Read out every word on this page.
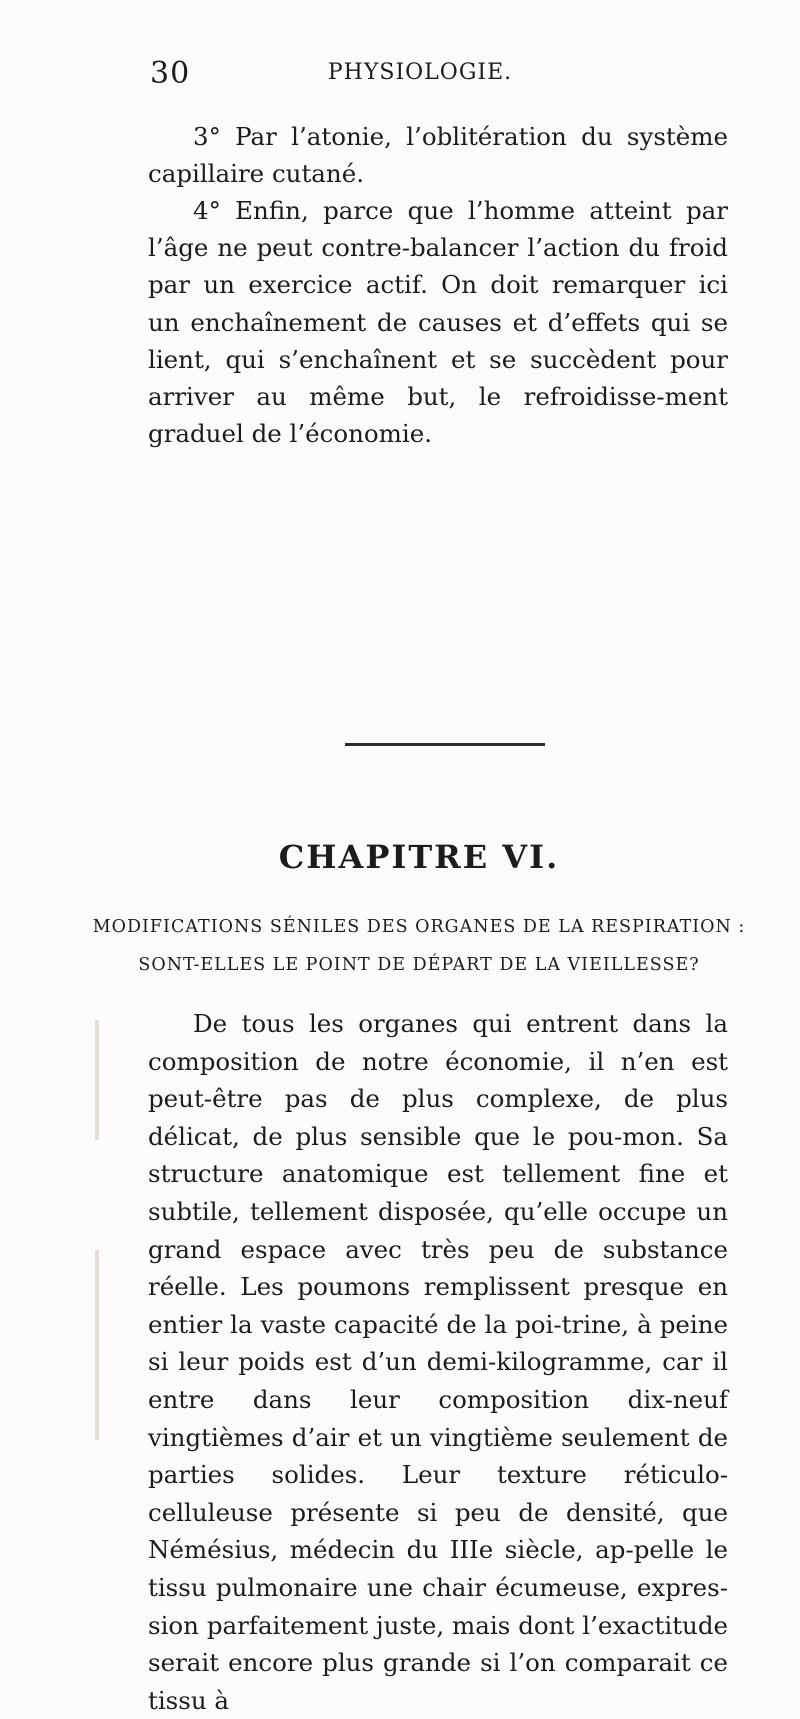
30	PHYSIOLOGIE.

3° Par l’atonie, l’oblitération du système capillaire cutané.

4° Enfin, parce que l’homme atteint par l’âge ne peut contre-balancer l’action du froid par un exercice actif. On doit remarquer ici un enchaînement de causes et d’effets qui se lient, qui s’enchaînent et se succèdent pour arriver au même but, le refroidisse-ment graduel de l’économie.

CHAPITRE VI.

MODIFICATIONS SÉNILES DES ORGANES DE LA RESPIRATION :

SONT-ELLES LE POINT DE DÉPART DE LA VIEILLESSE?

De tous les organes qui entrent dans la composition de notre économie, il n’en est peut-être pas de plus complexe, de plus délicat, de plus sensible que le pou-mon. Sa structure anatomique est tellement fine et subtile, tellement disposée, qu’elle occupe un grand espace avec très peu de substance réelle. Les poumons remplissent presque en entier la vaste capacité de la poi-trine, à peine si leur poids est d’un demi-kilogramme, car il entre dans leur composition dix-neuf vingtièmes d’air et un vingtième seulement de parties solides. Leur texture réticulo-celluleuse présente si peu de densité, que Némésius, médecin du IIIe siècle, ap-pelle le tissu pulmonaire une chair écumeuse, expres-sion parfaitement juste, mais dont l’exactitude serait encore plus grande si l’on comparait ce tissu à
